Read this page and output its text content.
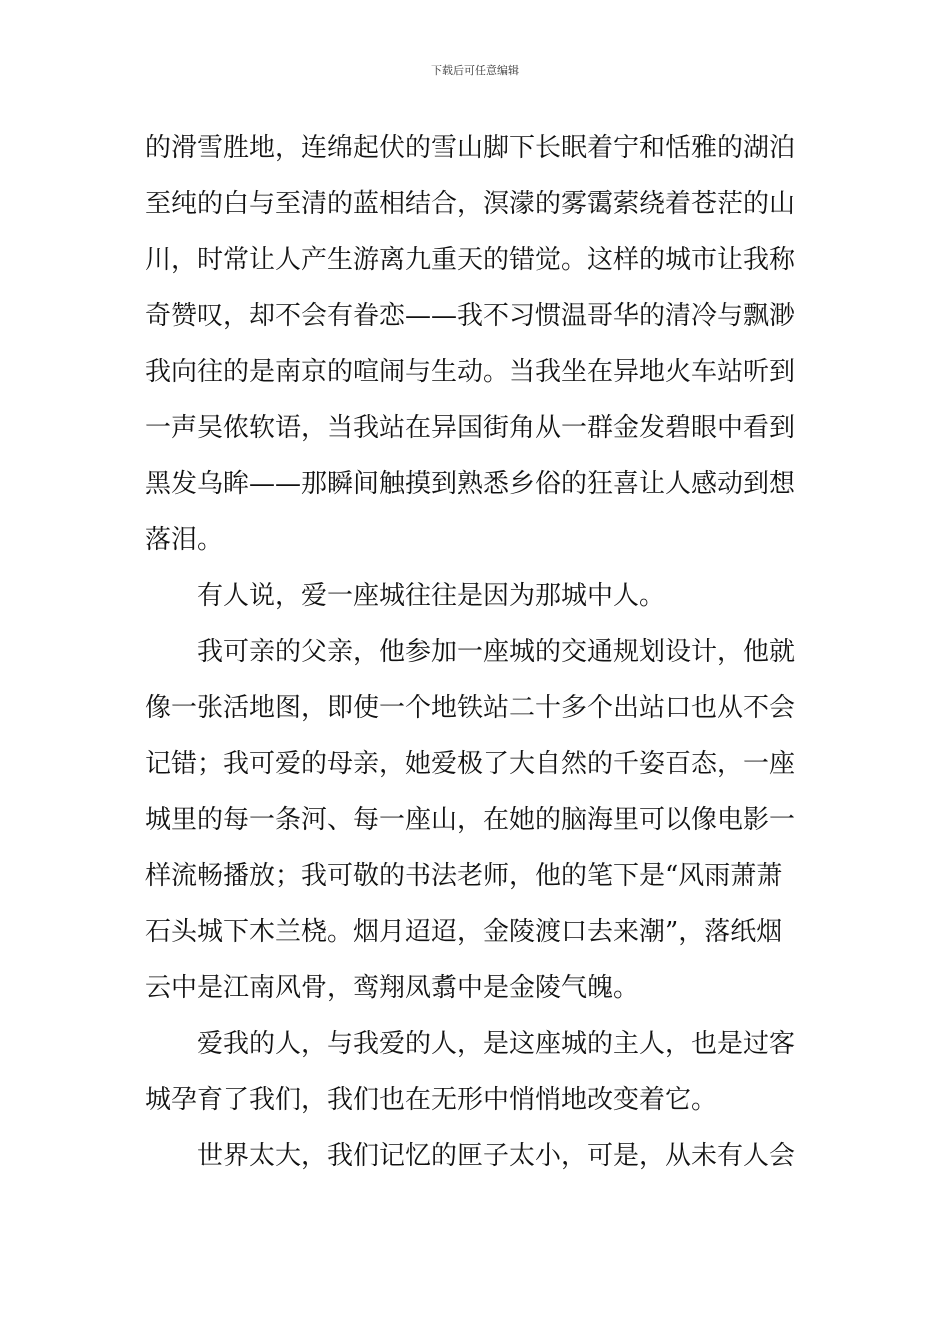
下载后可任意编辑
的滑雪胜地，连绵起伏的雪山脚下长眠着宁和恬雅的湖泊
至纯的白与至清的蓝相结合，溟濛的雾霭萦绕着苍茫的山
川，时常让人产生游离九重天的错觉。这样的城市让我称
奇赞叹，却不会有眷恋——我不习惯温哥华的清冷与飘渺
我向往的是南京的喧闹与生动。当我坐在异地火车站听到
一声吴侬软语，当我站在异国街角从一群金发碧眼中看到
黑发乌眸——那瞬间触摸到熟悉乡俗的狂喜让人感动到想
落泪。
有人说，爱一座城往往是因为那城中人。
我可亲的父亲，他参加一座城的交通规划设计，他就
像一张活地图，即使一个地铁站二十多个出站口也从不会
记错；我可爱的母亲，她爱极了大自然的千姿百态，一座
城里的每一条河、每一座山，在她的脑海里可以像电影一
样流畅播放；我可敬的书法老师，他的笔下是“风雨萧萧
石头城下木兰桡。烟月迢迢，金陵渡口去来潮”，落纸烟
云中是江南风骨，鸾翔凤翥中是金陵气魄。
爱我的人，与我爱的人，是这座城的主人，也是过客
城孕育了我们，我们也在无形中悄悄地改变着它。
世界太大，我们记忆的匣子太小，可是，从未有人会
